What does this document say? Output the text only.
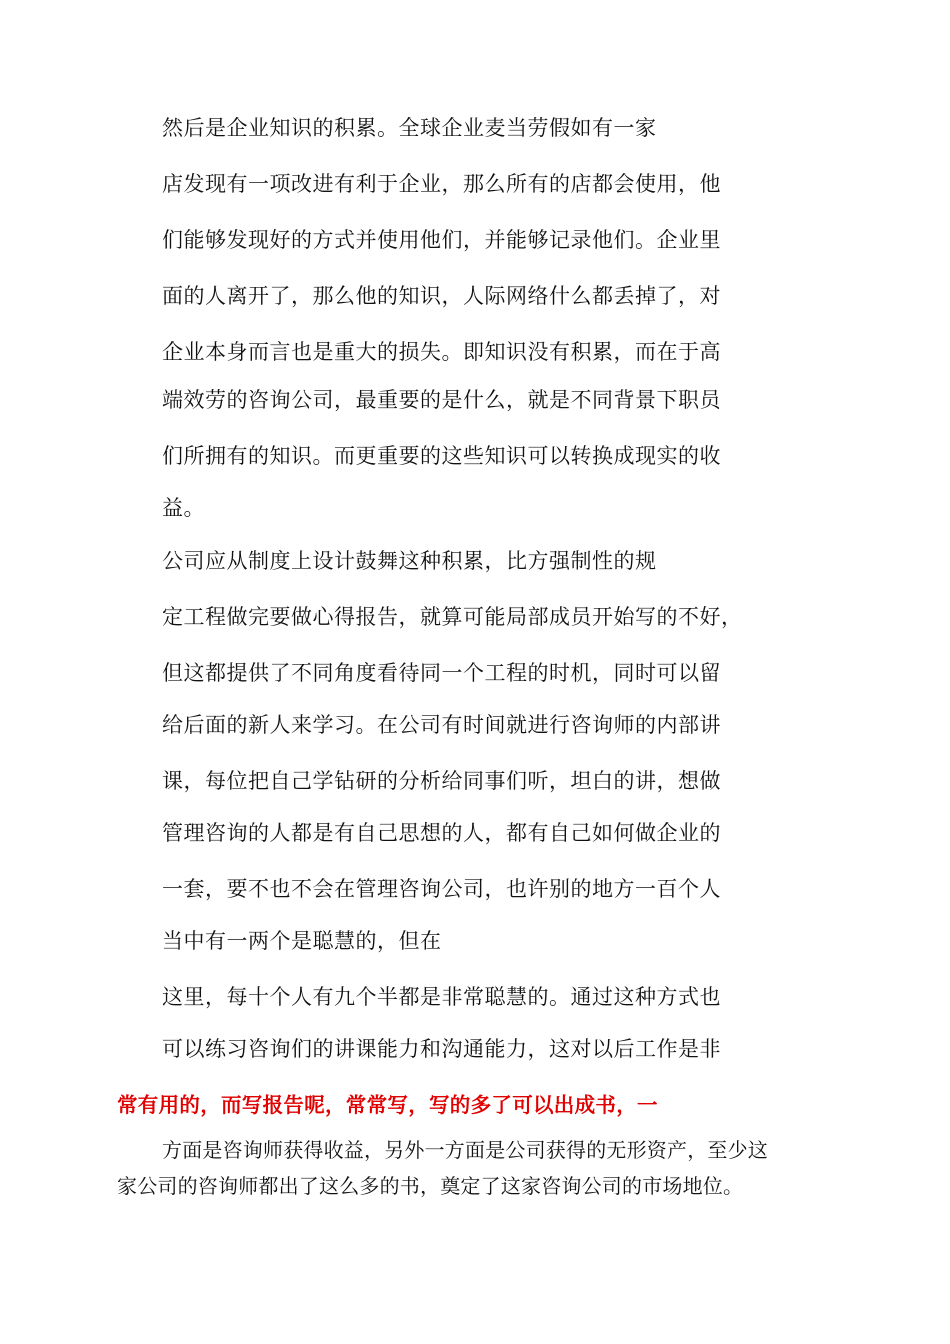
然后是企业知识的积累。全球企业麦当劳假如有一家
店发现有一项改进有利于企业，那么所有的店都会使用，他
们能够发现好的方式并使用他们，并能够记录他们。企业里
面的人离开了，那么他的知识，人际网络什么都丢掉了，对
企业本身而言也是重大的损失。即知识没有积累，而在于高
端效劳的咨询公司，最重要的是什么，就是不同背景下职员
们所拥有的知识。而更重要的这些知识可以转换成现实的收
益。
公司应从制度上设计鼓舞这种积累，比方强制性的规
定工程做完要做心得报告，就算可能局部成员开始写的不好，
但这都提供了不同角度看待同一个工程的时机，同时可以留
给后面的新人来学习。在公司有时间就进行咨询师的内部讲
课，每位把自己学钻研的分析给同事们听，坦白的讲，想做
管理咨询的人都是有自己思想的人，都有自己如何做企业的
一套，要不也不会在管理咨询公司，也许别的地方一百个人
当中有一两个是聪慧的，但在
这里，每十个人有九个半都是非常聪慧的。通过这种方式也
可以练习咨询们的讲课能力和沟通能力，这对以后工作是非
常有用的，而写报告呢，常常写，写的多了可以出成书，一
方面是咨询师获得收益，另外一方面是公司获得的无形资产，至少这
家公司的咨询师都出了这么多的书，奠定了这家咨询公司的市场地位。
